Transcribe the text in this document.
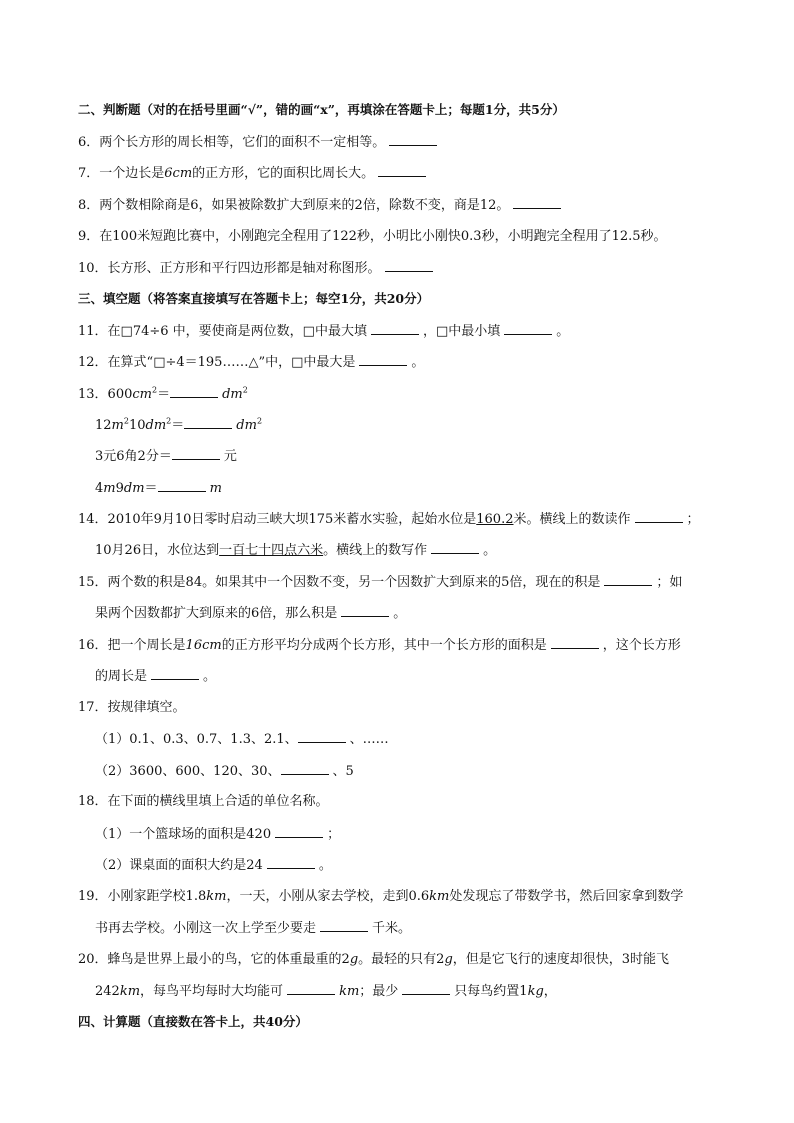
二、判断题（对的在括号里画“√”，错的画“x”，再填涂在答题卡上；每题1分，共5分）
6．两个长方形的周长相等，它们的面积不一定相等。
7．一个边长是6cm的正方形，它的面积比周长大。
8．两个数相除商是6，如果被除数扩大到原来的2倍，除数不变，商是12。
9．在100米短跑比赛中，小刚跑完全程用了122秒，小明比小刚快0.3秒，小明跑完全程用了12.5秒。
10．长方形、正方形和平行四边形都是轴对称图形。
三、填空题（将答案直接填写在答题卡上；每空1分，共20分）
11．在□74÷6 中，要使商是两位数，□中最大填	，□中最小填	。
12．在算式“□÷4＝195……△”中，□中最大是	。
13．$600cm^2=$	$dm^2$
$12m^210dm^2=$	$dm^2$
3元6角2分＝	元
4m9dm＝	m
14．2010年9月10日零时启动三峡大坝175米蓄水实验，起始水位是160.2米。横线上的数读作	；
10月26日，水位达到一百七十四点六米。横线上的数写作	。
15．两个数的积是84。如果其中一个因数不变，另一个因数扩大到原来的5倍，现在的积是	；如
果两个因数都扩大到原来的6倍，那么积是	。
16．把一个周长是16cm的正方形平均分成两个长方形，其中一个长方形的面积是	，这个长方形
的周长是	。
17．按规律填空。
（1）0.1、0.3、0.7、1.3、2.1、	、……
（2）3600、600、120、30、	、5
18．在下面的横线里填上合适的单位名称。
（1）一个篮球场的面积是420	；
（2）课桌面的面积大约是24	。
19．小刚家距学校1.8km，一天，小刚从家去学校，走到0.6km处发现忘了带数学书，然后回家拿到数学
书再去学校。小刚这一次上学至少要走	千米。
20．蜂鸟是世界上最小的鸟，它的体重最重的2g。最轻的只有2g，但是它飞行的速度却很快，3时能飞
242km，每鸟平均每时大均能可	km；最少	只每鸟约置1kg，
四、计算题（直接数在答卡上，共40分）
